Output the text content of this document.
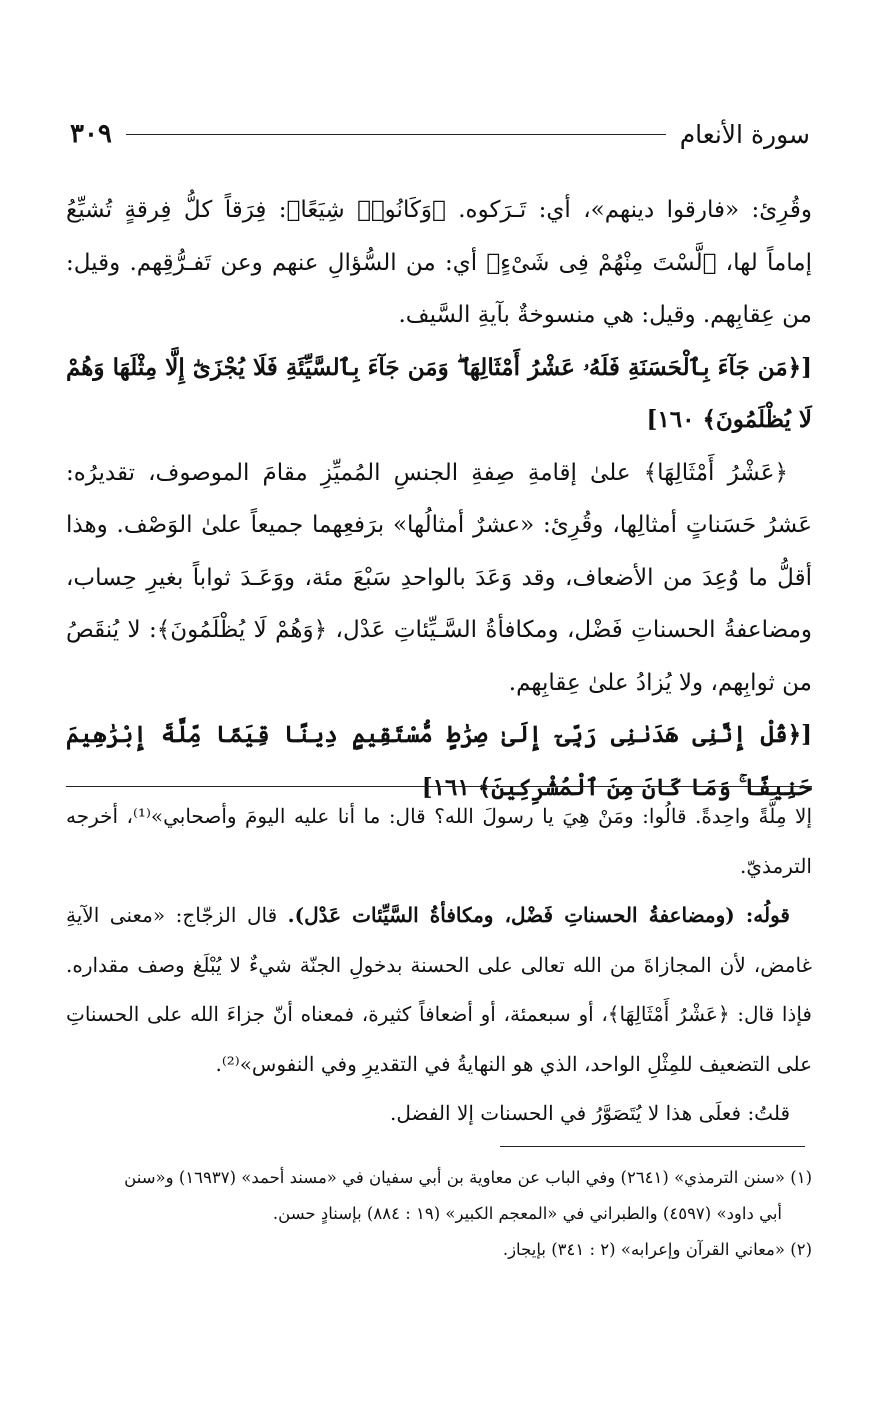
سورة الأنعام
٣٠٩

وقُرِئ: «فارقوا دينهم»، أي: تَـرَكوه. ﴿وَكَانُوا۟ شِيَعًا﴾: فِرَقاً كلُّ فِرقةٍ تُشيِّعُ إماماً لها، ﴿لَّسْتَ مِنْهُمْ فِى شَىْءٍ﴾ أي: من السُّؤالِ عنهم وعن تَفـرُّقِهم. وقيل: من عِقابِهم. وقيل: هي منسوخةٌ بآيةِ السَّيف.

[﴿مَن جَآءَ بِٱلْحَسَنَةِ فَلَهُۥ عَشْرُ أَمْثَالِهَا ۖ وَمَن جَآءَ بِٱلسَّيِّئَةِ فَلَا يُجْزَىٰٓ إِلَّا مِثْلَهَا وَهُمْ لَا يُظْلَمُونَ﴾ ١٦٠]

﴿عَشْرُ أَمْثَالِهَا﴾ علىٰ إقامةِ صِفةِ الجنسِ المُميِّزِ مقامَ الموصوف، تقديرُه: عَشرُ حَسَناتٍ أمثالِها، وقُرِئ: «عشرٌ أمثالُها» برَفعِهما جميعاً علىٰ الوَصْف. وهذا أقلُّ ما وُعِدَ من الأضعاف، وقد وَعَدَ بالواحدِ سَبْعَ مئة، ووَعَـدَ ثواباً بغيرِ حِساب، ومضاعفةُ الحسناتِ فَضْل، ومكافأةُ السَّـيِّئاتِ عَدْل، ﴿وَهُمْ لَا يُظْلَمُونَ﴾: لا يُنقَصُ من ثوابِهم، ولا يُزادُ علىٰ عِقابِهم.

[﴿قُلْ إِنَّنِى هَدَىٰنِى رَبِّىٓ إِلَىٰ صِرَٰطٍ مُّسْتَقِيمٍ دِينًا قِيَمًا مِّلَّةَ إِبْرَٰهِيمَ حَنِيفًا ۚ وَمَا كَانَ مِنَ ٱلْمُشْرِكِينَ﴾ ١٦١]

إلا مِلَّةً واحِدةً. قالُوا: ومَنْ هِيَ يا رسولَ الله؟ قال: ما أنا عليه اليومَ وأصحابي»⁽¹⁾، أخرجه الترمذيّ.

قولُه: (ومضاعفةُ الحسناتِ فَضْل، ومكافأةُ السَّيِّئات عَدْل). قال الزجّاج: «معنى الآيةِ غامض، لأن المجازاةَ من الله تعالى على الحسنة بدخولِ الجنّة شيءٌ لا يُبْلَغ وصف مقداره. فإذا قال: ﴿عَشْرُ أَمْثَالِهَا﴾، أو سبعمئة، أو أضعافاً كثيرة، فمعناه أنّ جزاءَ الله على الحسناتِ على التضعيف للمِثْلِ الواحد، الذي هو النهايةُ في التقديرِ وفي النفوس»⁽²⁾.

قلتُ: فعلَى هذا لا يُتَصَوَّرُ في الحسنات إلا الفضل.

(١) «سنن الترمذي» (٢٦٤١) وفي الباب عن معاوية بن أبي سفيان في «مسند أحمد» (١٦٩٣٧) و«سنن

أبي داود» (٤٥٩٧) والطبراني في «المعجم الكبير» (١٩ : ٨٨٤) بإسنادٍ حسن.

(٢) «معاني القرآن وإعرابه» (٢ : ٣٤١) بإيجاز.
